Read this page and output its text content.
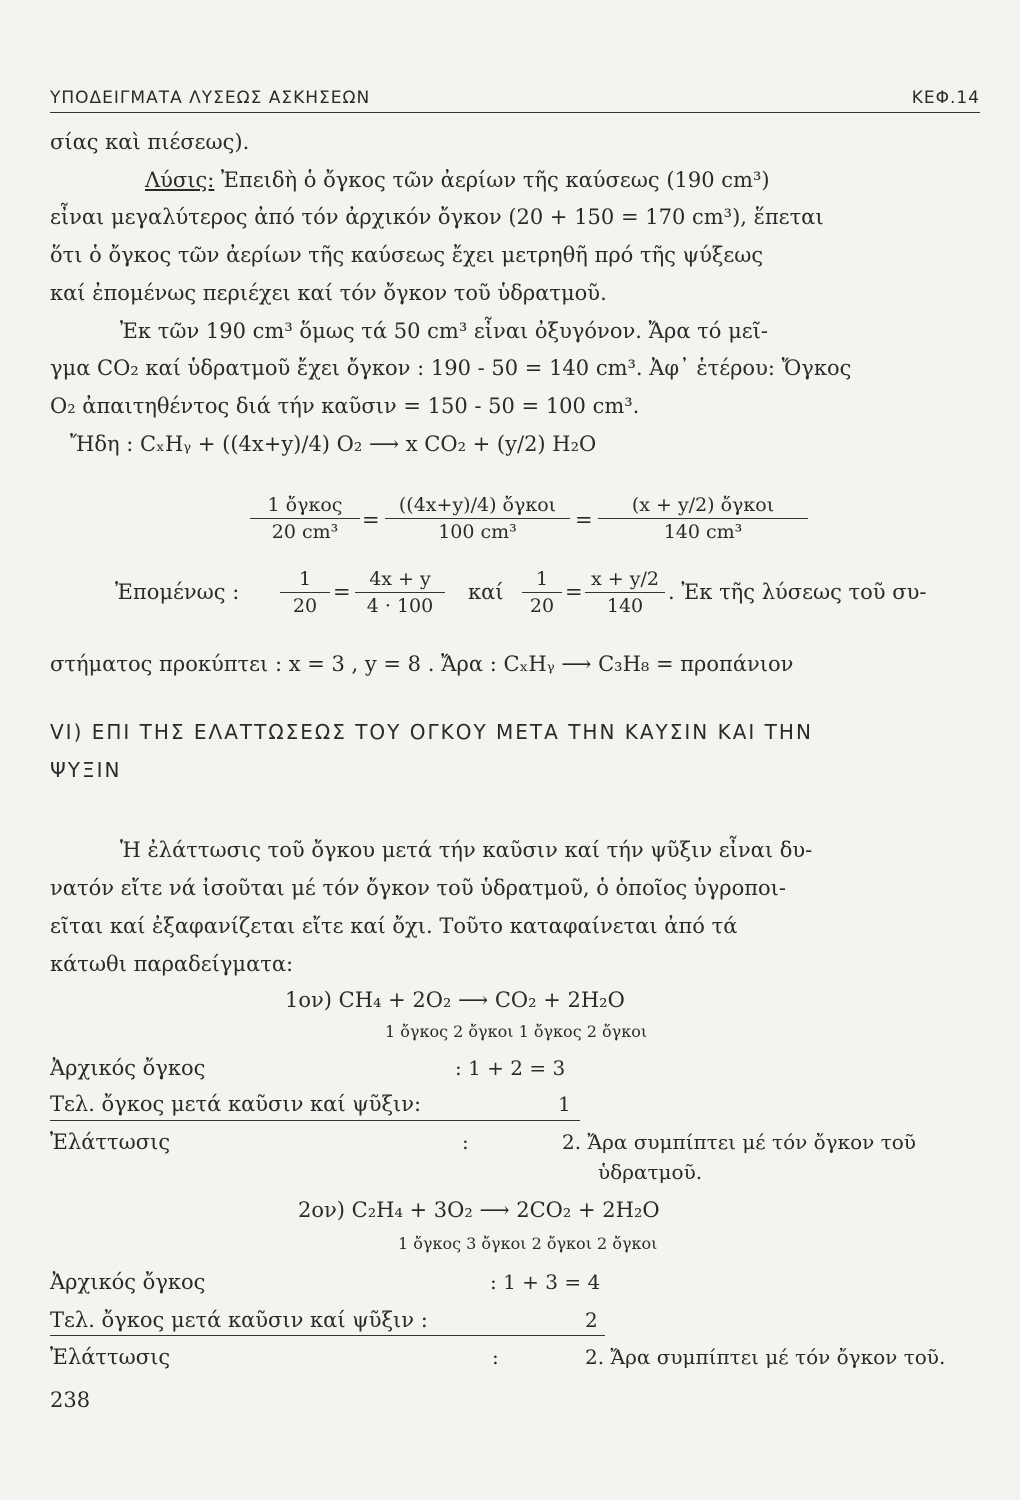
ΥΠΟΔΕΙΓΜΑΤΑ ΛΥΣΕΩΣ ΑΣΚΗΣΕΩΝ	ΚΕΦ.14
σίας καὶ πιέσεως).
Λύσις: Ἐπειδὴ ὁ ὄγκος τῶν ἀερίων τῆς καύσεως (190 cm³)
εἶναι μεγαλύτερος ἀπό τόν ἀρχικόν ὄγκον (20 + 150 = 170 cm³), ἕπεται
ὅτι ὁ ὄγκος τῶν ἀερίων τῆς καύσεως ἔχει μετρηθῆ πρό τῆς ψύξεως
καί ἐπομένως περιέχει καί τόν ὄγκον τοῦ ὑδρατμοῦ.
Ἐκ τῶν 190 cm³ ὅμως τά 50 cm³ εἶναι ὀξυγόνον. Ἄρα τό μεῖ-
γμα CO₂ καί ὑδρατμοῦ ἔχει ὄγκον : 190 - 50 = 140 cm³. Ἀφ᾽ ἑτέρου: Ὄγκος
O₂ ἀπαιτηθέντος διά τήν καῦσιν = 150 - 50 = 100 cm³.
Ἤδη : CₓHᵧ + ((4x+y)/4) O₂ ⟶ x CO₂ + (y/2) H₂O
1 ὄγκος
20 cm³	=
((4x+y)/4) ὄγκοι
100 cm³	=
(x + y/2) ὄγκοι
140 cm³
Ἐπομένως :
1
20
=
4x + y
4 · 100
καί
1
20
=
x + y/2
140
. Ἐκ τῆς λύσεως τοῦ συ-
στήματος προκύπτει : x = 3 , y = 8 . Ἄρα : CₓHᵧ ⟶ C₃H₈ = προπάνιον
VI) ΕΠΙ ΤΗΣ ΕΛΑΤΤΩΣΕΩΣ ΤΟΥ ΟΓΚΟΥ ΜΕΤΑ ΤΗΝ ΚΑΥΣΙΝ ΚΑΙ ΤΗΝ
ΨΥΞΙΝ
Ἡ ἐλάττωσις τοῦ ὄγκου μετά τήν καῦσιν καί τήν ψῦξιν εἶναι δυ-
νατόν εἴτε νά ἰσοῦται μέ τόν ὄγκον τοῦ ὑδρατμοῦ, ὁ ὁποῖος ὑγροποι-
εῖται καί ἐξαφανίζεται εἴτε καί ὄχι. Τοῦτο καταφαίνεται ἀπό τά
κάτωθι παραδείγματα:
1ον) CH₄ + 2O₂ ⟶ CO₂ + 2H₂O
1 ὄγκος 2 ὄγκοι 1 ὄγκος 2 ὄγκοι
Ἀρχικός ὄγκος	: 1 + 2 = 3
Τελ. ὄγκος μετά καῦσιν καί ψῦξιν:	1
Ἐλάττωσις	:	2. Ἄρα συμπίπτει μέ τόν ὄγκον τοῦ
ὑδρατμοῦ.
2ον) C₂H₄ + 3O₂ ⟶ 2CO₂ + 2H₂O
1 ὄγκος 3 ὄγκοι 2 ὄγκοι 2 ὄγκοι
Ἀρχικός ὄγκος	: 1 + 3 = 4
Τελ. ὄγκος μετά καῦσιν καί ψῦξιν :	2
Ἐλάττωσις	:	2. Ἄρα συμπίπτει μέ τόν ὄγκον τοῦ.
238
